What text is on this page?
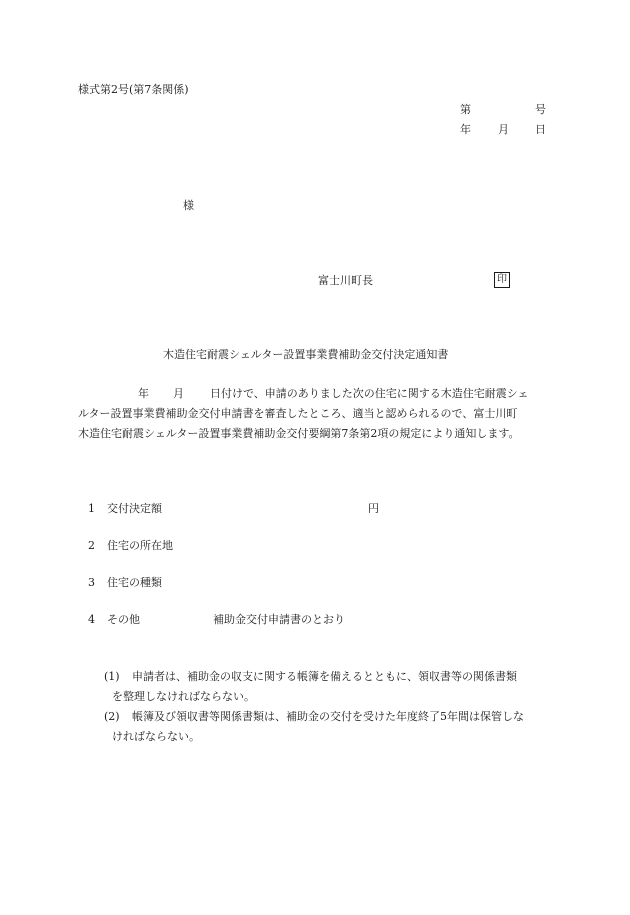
様式第2号(第7条関係)
第	号
年 月 日
様
富士川町長	印
木造住宅耐震シェルター設置事業費補助金交付決定通知書
年 月 日付けで、申請のありました次の住宅に関する木造住宅耐震シェ
ルター設置事業費補助金交付申請書を審査したところ、適当と認められるので、富士川町
木造住宅耐震シェルター設置事業費補助金交付要綱第7条第2項の規定により通知します。
1 交付決定額	円
2 住宅の所在地
3 住宅の種類
4 その他	補助金交付申請書のとおり
(1) 申請者は、補助金の収支に関する帳簿を備えるとともに、領収書等の関係書類
を整理しなければならない。
(2) 帳簿及び領収書等関係書類は、補助金の交付を受けた年度終了5年間は保管しな
ければならない。
